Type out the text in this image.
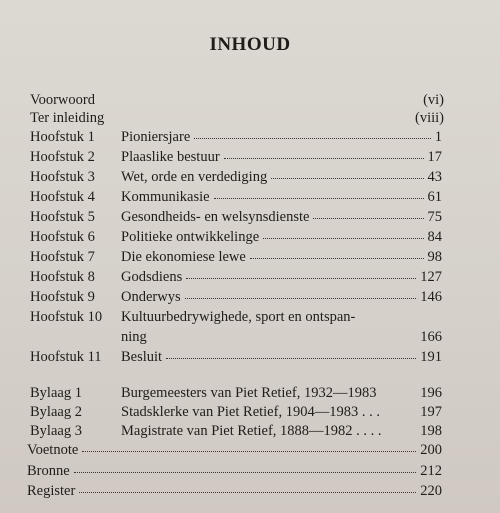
INHOUD
Voorwoord	(vi)
Ter inleiding	(viii)
Hoofstuk 1 Pioniersjare	1
Hoofstuk 2 Plaaslike bestuur	17
Hoofstuk 3 Wet, orde en verdediging	43
Hoofstuk 4 Kommunikasie	61
Hoofstuk 5 Gesondheids- en welsynsdienste	75
Hoofstuk 6 Politieke ontwikkelinge	84
Hoofstuk 7 Die ekonomiese lewe	98
Hoofstuk 8 Godsdiens	127
Hoofstuk 9 Onderwys	146
Hoofstuk 10 Kultuurbedrywighede, sport en ontspan-
ning	166
Hoofstuk 11 Besluit	191
Bylaag 1	Burgemeesters van Piet Retief, 1932—1983	196
Bylaag 2	Stadsklerke van Piet Retief, 1904—1983 . . .	197
Bylaag 3	Magistrate van Piet Retief, 1888—1982 . . . .	198
Voetnote	200
Bronne	212
Register	220
